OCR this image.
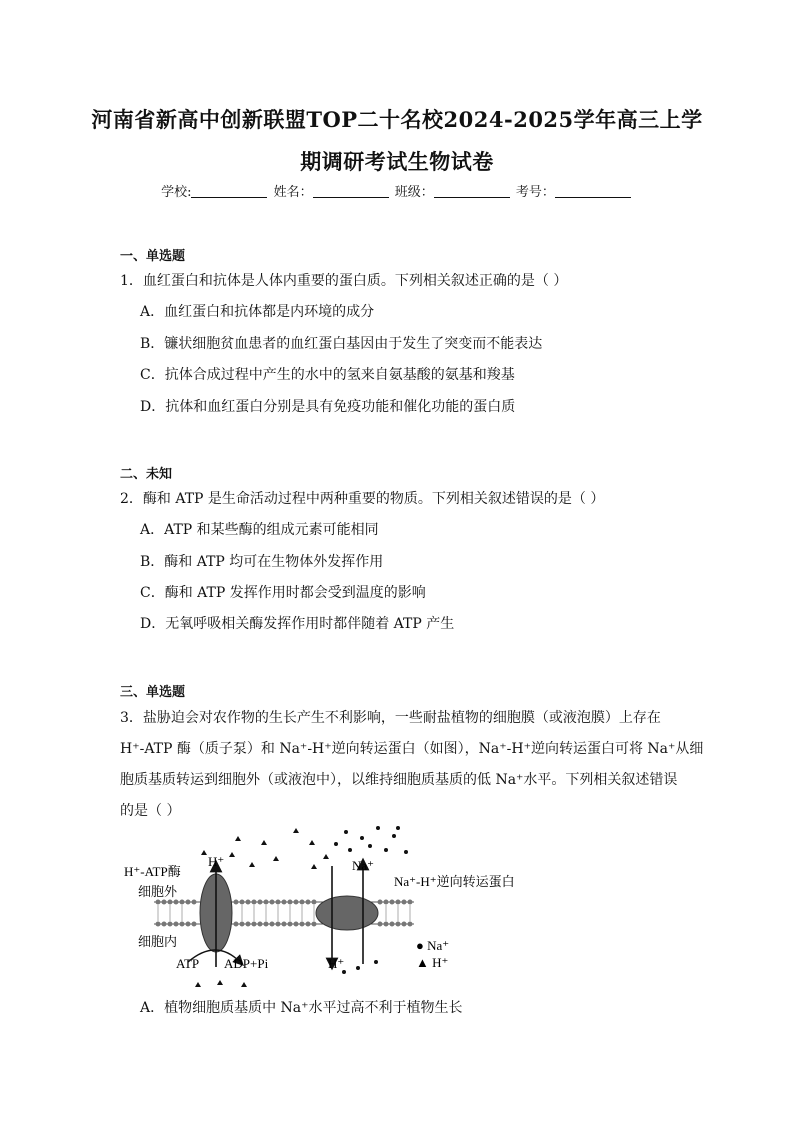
河南省新高中创新联盟TOP二十名校2024-2025学年高三上学
期调研考试生物试卷
学校:	姓名：	班级：	考号：
一、单选题
1．血红蛋白和抗体是人体内重要的蛋白质。下列相关叙述正确的是（ ）
A．血红蛋白和抗体都是内环境的成分
B．镰状细胞贫血患者的血红蛋白基因由于发生了突变而不能表达
C．抗体合成过程中产生的水中的氢来自氨基酸的氨基和羧基
D．抗体和血红蛋白分别是具有免疫功能和催化功能的蛋白质
二、未知
2．酶和 ATP 是生命活动过程中两种重要的物质。下列相关叙述错误的是（ ）
A．ATP 和某些酶的组成元素可能相同
B．酶和 ATP 均可在生物体外发挥作用
C．酶和 ATP 发挥作用时都会受到温度的影响
D．无氧呼吸相关酶发挥作用时都伴随着 ATP 产生
三、单选题
3．盐胁迫会对农作物的生长产生不利影响，一些耐盐植物的细胞膜（或液泡膜）上存在
H⁺-ATP 酶（质子泵）和 Na⁺-H⁺逆向转运蛋白（如图），Na⁺-H⁺逆向转运蛋白可将 Na⁺从细
胞质基质转运到细胞外（或液泡中），以维持细胞质基质的低 Na⁺水平。下列相关叙述错误
的是（ ）
H⁺-ATP酶
细胞外
细胞内
H⁺	Na⁺
Na⁺-H⁺逆向转运蛋白
ATP ADP+Pi	H⁺
● Na⁺
▲ H⁺
A．植物细胞质基质中 Na⁺水平过高不利于植物生长
